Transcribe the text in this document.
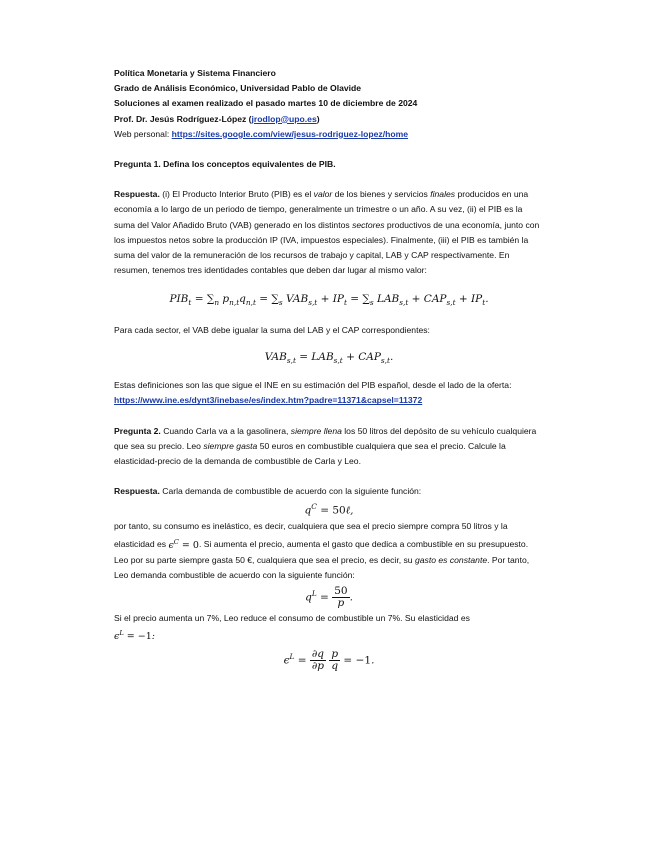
Política Monetaria y Sistema Financiero

Grado de Análisis Económico, Universidad Pablo de Olavide

Soluciones al examen realizado el pasado martes 10 de diciembre de 2024

Prof. Dr. Jesús Rodríguez-López (jrodlop@upo.es)

Web personal: https://sites.google.com/view/jesus-rodriguez-lopez/home

Pregunta 1. Defina los conceptos equivalentes de PIB.

Respuesta. (i) El Producto Interior Bruto (PIB) es el valor de los bienes y servicios finales producidos en una economía a lo largo de un periodo de tiempo, generalmente un trimestre o un año. A su vez, (ii) el PIB es la suma del Valor Añadido Bruto (VAB) generado en los distintos sectores productivos de una economía, junto con los impuestos netos sobre la producción IP (IVA, impuestos especiales). Finalmente, (iii) el PIB es también la suma del valor de la remuneración de los recursos de trabajo y capital, LAB y CAP respectivamente. En resumen, tenemos tres identidades contables que deben dar lugar al mismo valor:

$PIB_t = \sum_n$ $p_{n,t}q_{n,t} = \sum_s$ $VAB_{s,t} + IP_t = \sum_s$ $LAB_{s,t} + CAP_{s,t} + IP_t$.

Para cada sector, el VAB debe igualar la suma del LAB y el CAP correspondientes:

$VAB_{s,t} = LAB_{s,t} + CAP_{s,t}$.

Estas definiciones son las que sigue el INE en su estimación del PIB español, desde el lado de la oferta:

https://www.ine.es/dynt3/inebase/es/index.htm?padre=11371&capsel=11372

Pregunta 2. Cuando Carla va a la gasolinera, siempre llena los 50 litros del depósito de su vehículo cualquiera que sea su precio. Leo siempre gasta 50 euros en combustible cualquiera que sea el precio. Calcule la elasticidad-precio de la demanda de combustible de Carla y Leo.

Respuesta. Carla demanda de combustible de acuerdo con la siguiente función:

$q^C$ = 50ℓ,

por tanto, su consumo es inelástico, es decir, cualquiera que sea el precio siempre compra 50 litros y la elasticidad es $\epsilon^C = 0$. Si aumenta el precio, aumenta el gasto que dedica a combustible en su presupuesto.

Leo por su parte siempre gasta 50 €, cualquiera que sea el precio, es decir, su gasto es constante. Por tanto, Leo demanda combustible de acuerdo con la siguiente función:

$q^L = \frac{50}{p}$ .

Si el precio aumenta un 7%, Leo reduce el consumo de combustible un 7%. Su elasticidad es
$\epsilon^L = -1$:

$\epsilon^L = \frac{\partial q}{\partial p}$
$\frac{p}{q} = -1$.
